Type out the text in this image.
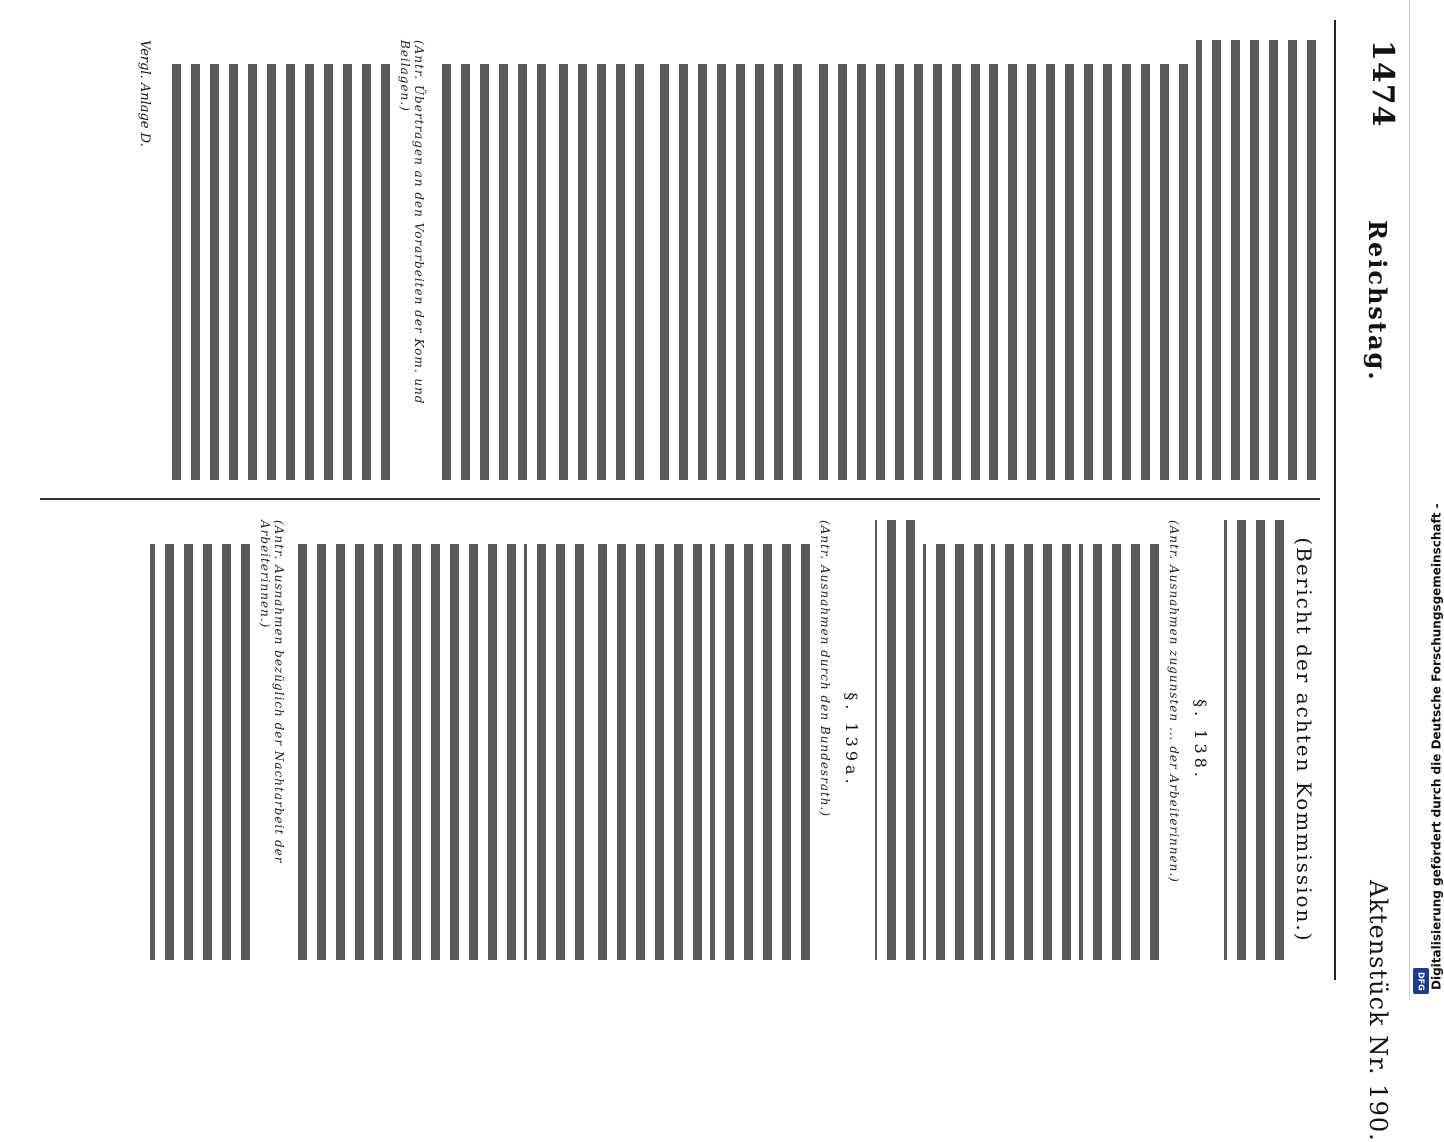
1474
Reichstag.
Aktenstück Nr. 190.
(Antr. Übertragen an den Vorarbeiten der Kom. und Beilagen.)
Vergl. Anlage D.
(Bericht der achten Kommission.)
§. 138.
(Antr. Ausnahmen zugunsten ... der Arbeiterinnen.)
§. 139a.
(Antr. Ausnahmen durch den Bundesrath.)
(Antr. Ausnahmen bezüglich der Nachtarbeit der Arbeiterinnen.)	Digitalisierung gefördert durch die Deutsche Forschungsgemeinschaft -
DFG
